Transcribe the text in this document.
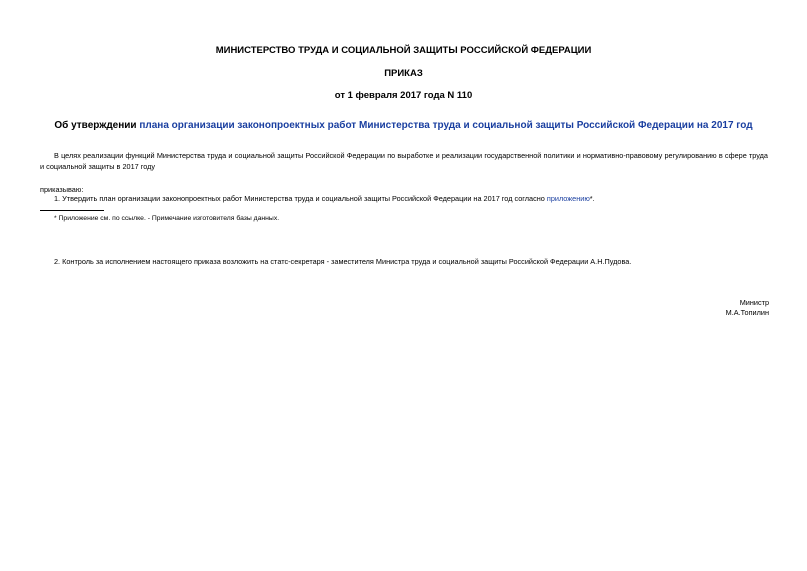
МИНИСТЕРСТВО ТРУДА И СОЦИАЛЬНОЙ ЗАЩИТЫ РОССИЙСКОЙ ФЕДЕРАЦИИ
ПРИКАЗ
от 1 февраля 2017 года N 110
Об утверждении плана организации законопроектных работ Министерства труда и социальной защиты Российской Федерации на 2017 год
В целях реализации функций Министерства труда и социальной защиты Российской Федерации по выработке и реализации государственной политики и нормативно-правовому регулированию в сфере труда и социальной защиты в 2017 году
приказываю:
1. Утвердить план организации законопроектных работ Министерства труда и социальной защиты Российской Федерации на 2017 год согласно приложению*.
* Приложение см. по ссылке. - Примечание изготовителя базы данных.
2. Контроль за исполнением настоящего приказа возложить на статс-секретаря - заместителя Министра труда и социальной защиты Российской Федерации А.Н.Пудова.
Министр
М.А.Топилин
